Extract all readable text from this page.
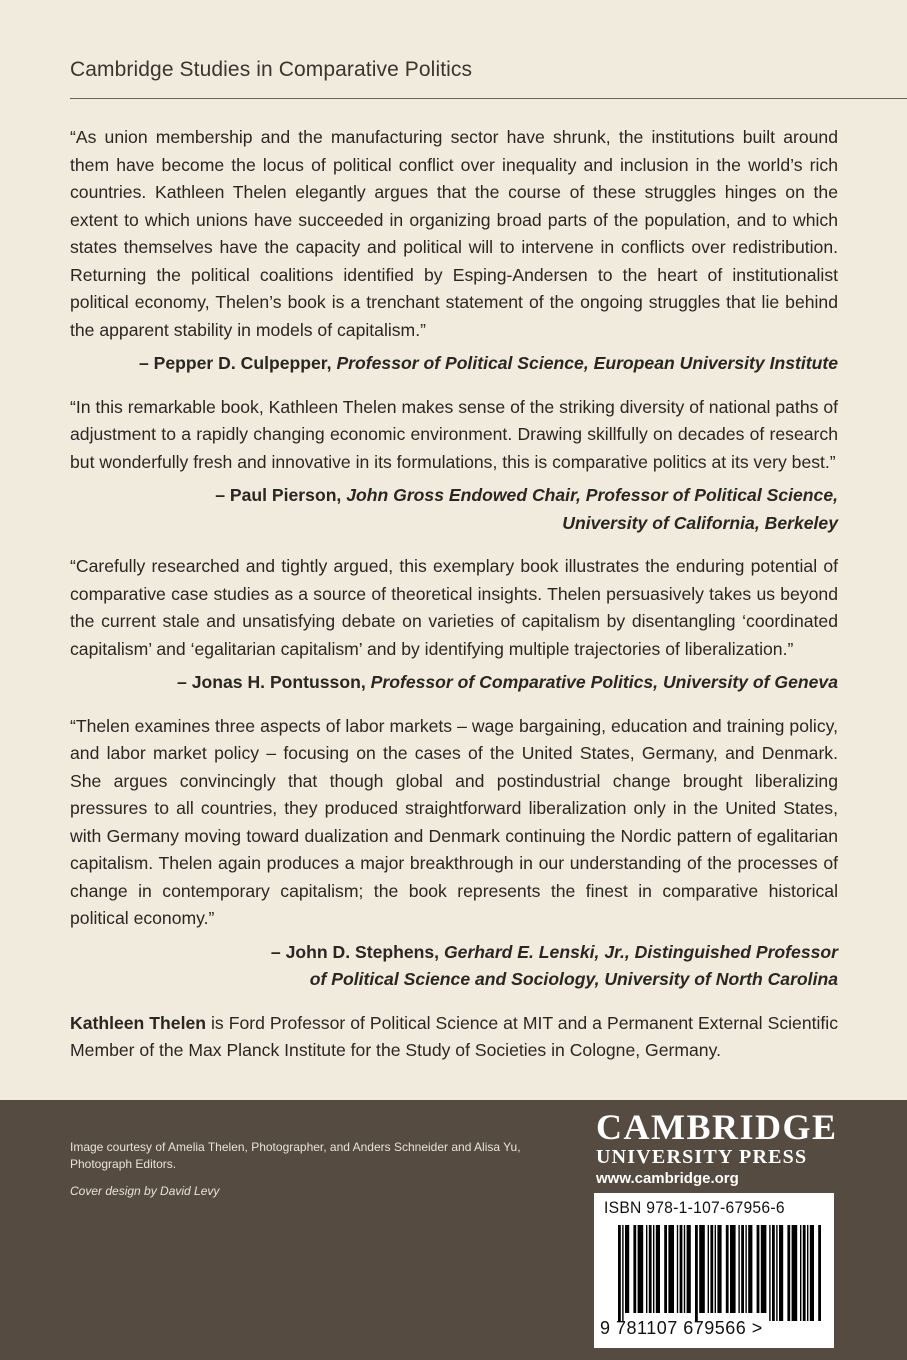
Cambridge Studies in Comparative Politics

“As union membership and the manufacturing sector have shrunk, the institutions built around them have become the locus of political conflict over inequality and inclusion in the world’s rich countries. Kathleen Thelen elegantly argues that the course of these struggles hinges on the extent to which unions have succeeded in organizing broad parts of the population, and to which states themselves have the capacity and political will to intervene in conflicts over redistribution. Returning the political coalitions identified by Esping-Andersen to the heart of institutionalist political economy, Thelen’s book is a trenchant statement of the ongoing struggles that lie behind the apparent stability in models of capitalism.”

– Pepper D. Culpepper, Professor of Political Science, European University Institute

“In this remarkable book, Kathleen Thelen makes sense of the striking diversity of national paths of adjustment to a rapidly changing economic environment. Drawing skillfully on decades of research but wonderfully fresh and innovative in its formulations, this is comparative politics at its very best.”

– Paul Pierson, John Gross Endowed Chair, Professor of Political Science,
University of California, Berkeley

“Carefully researched and tightly argued, this exemplary book illustrates the enduring potential of comparative case studies as a source of theoretical insights. Thelen persuasively takes us beyond the current stale and unsatisfying debate on varieties of capitalism by disentangling ‘coordinated capitalism’ and ‘egalitarian capitalism’ and by identifying multiple trajectories of liberalization.”

– Jonas H. Pontusson, Professor of Comparative Politics, University of Geneva

“Thelen examines three aspects of labor markets – wage bargaining, education and training policy, and labor market policy – focusing on the cases of the United States, Germany, and Denmark. She argues convincingly that though global and postindustrial change brought liberalizing pressures to all countries, they produced straightforward liberalization only in the United States, with Germany moving toward dualization and Denmark continuing the Nordic pattern of egalitarian capitalism. Thelen again produces a major breakthrough in our understanding of the processes of change in contemporary capitalism; the book represents the finest in comparative historical political economy.”

– John D. Stephens, Gerhard E. Lenski, Jr., Distinguished Professor
of Political Science and Sociology, University of North Carolina

Kathleen Thelen is Ford Professor of Political Science at MIT and a Permanent External Scientific Member of the Max Planck Institute for the Study of Societies in Cologne, Germany.

Image courtesy of Amelia Thelen, Photographer, and Anders Schneider and Alisa Yu, Photograph Editors.
Cover design by David Levy
CAMBRIDGE
UNIVERSITY PRESS
www.cambridge.org
ISBN 978-1-107-67956-6
9 781107 679566 >
